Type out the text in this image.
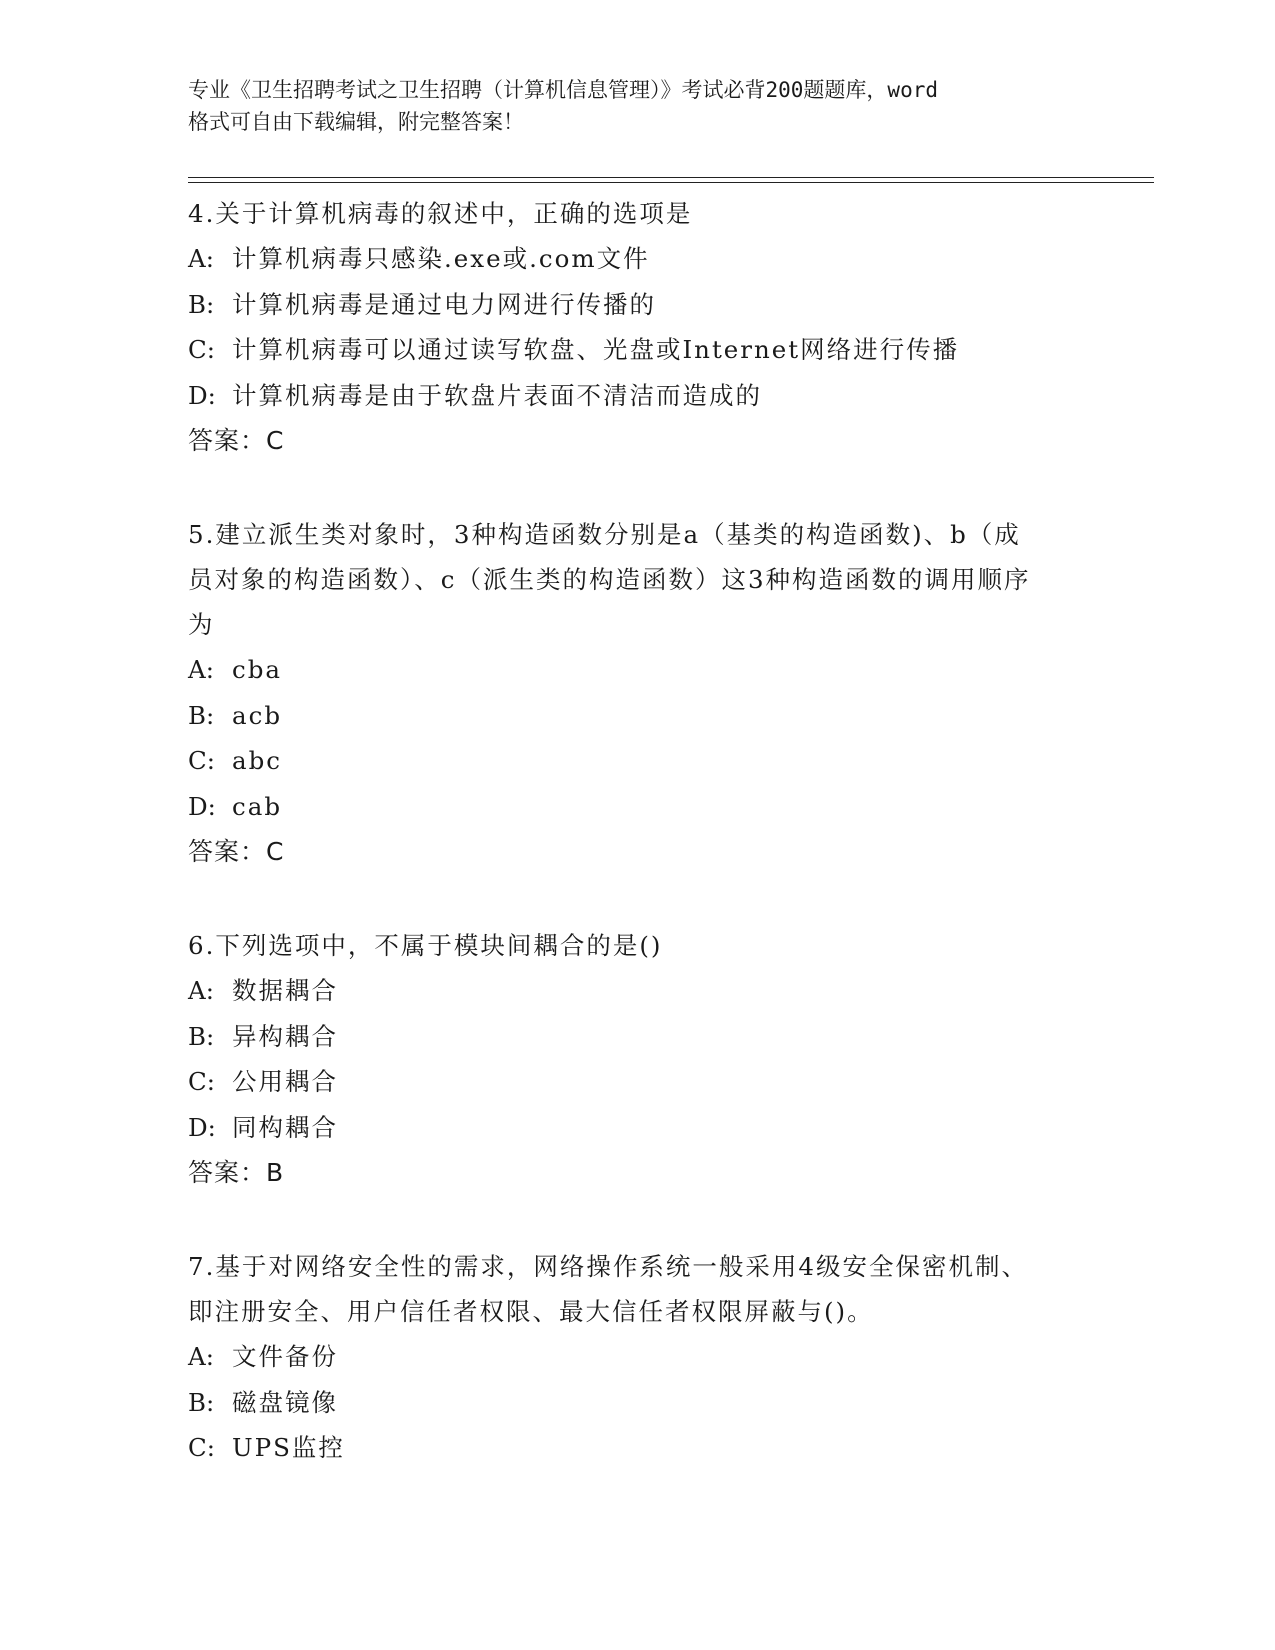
专业《卫生招聘考试之卫生招聘（计算机信息管理）》考试必背200题题库，word
格式可自由下载编辑，附完整答案！
4.关于计算机病毒的叙述中，正确的选项是
A: 计算机病毒只感染.exe或.com文件
B: 计算机病毒是通过电力网进行传播的
C: 计算机病毒可以通过读写软盘、光盘或Internet网络进行传播
D: 计算机病毒是由于软盘片表面不清洁而造成的
答案：C
5.建立派生类对象时，3种构造函数分别是a（基类的构造函数)、b（成员对象的构造函数）、c（派生类的构造函数）这3种构造函数的调用顺序为
A: cba
B: acb
C: abc
D: cab
答案：C
6.下列选项中，不属于模块间耦合的是()
A: 数据耦合
B: 异构耦合
C: 公用耦合
D: 同构耦合
答案：B
7.基于对网络安全性的需求，网络操作系统一般采用4级安全保密机制、即注册安全、用户信任者权限、最大信任者权限屏蔽与()。
A: 文件备份
B: 磁盘镜像
C: UPS监控
